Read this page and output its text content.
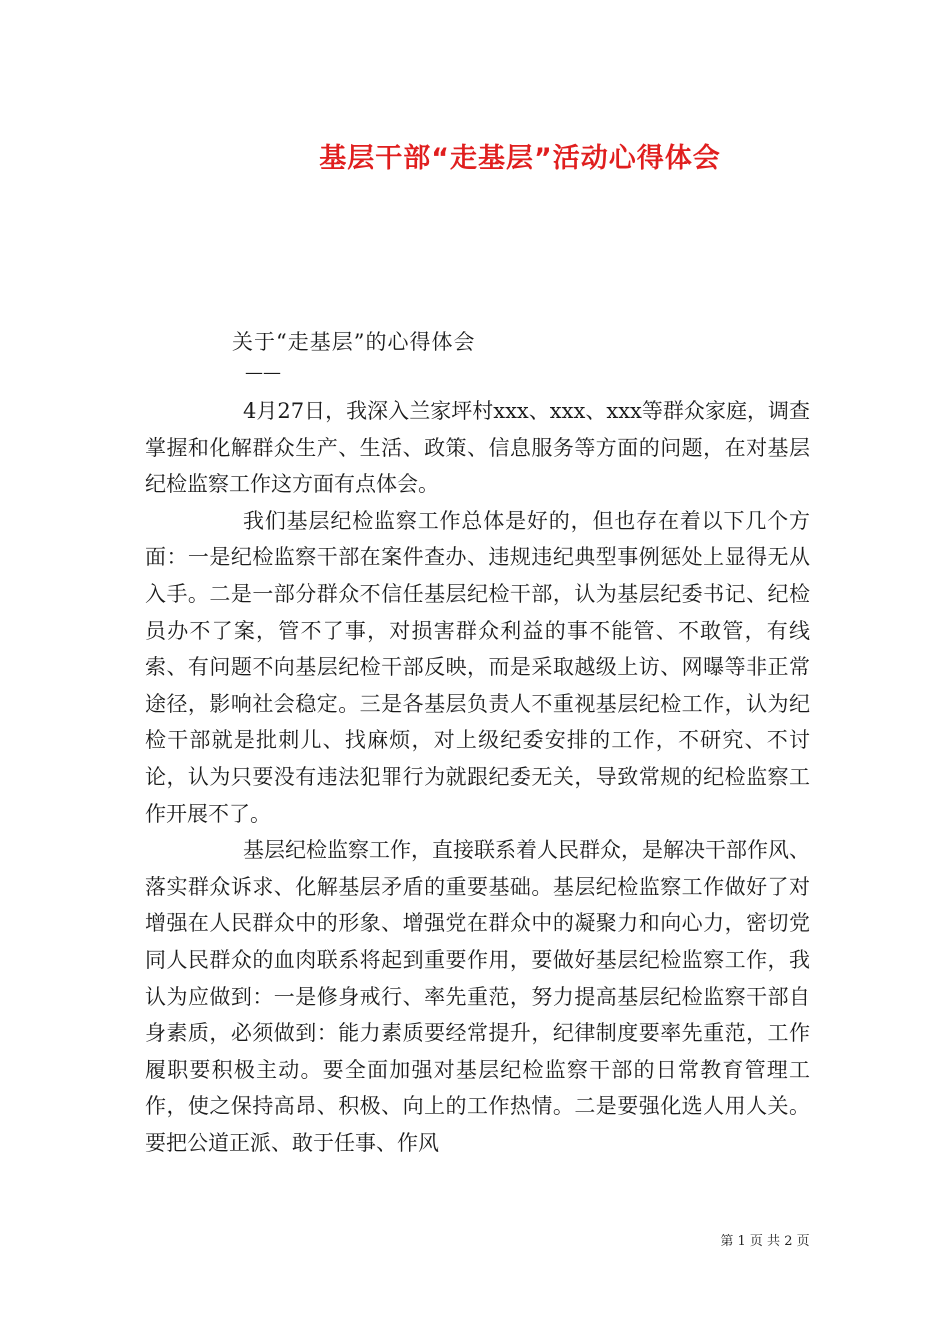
基层干部“走基层”活动心得体会
关于“走基层”的心得体会
——

4月27日，我深入兰家坪村xxx、xxx、xxx等群众家庭，调查掌握和化解群众生产、生活、政策、信息服务等方面的问题，在对基层纪检监察工作这方面有点体会。

我们基层纪检监察工作总体是好的，但也存在着以下几个方面：一是纪检监察干部在案件查办、违规违纪典型事例惩处上显得无从入手。二是一部分群众不信任基层纪检干部，认为基层纪委书记、纪检员办不了案，管不了事，对损害群众利益的事不能管、不敢管，有线索、有问题不向基层纪检干部反映，而是采取越级上访、网曝等非正常途径，影响社会稳定。三是各基层负责人不重视基层纪检工作，认为纪检干部就是批刺儿、找麻烦，对上级纪委安排的工作，不研究、不讨论，认为只要没有违法犯罪行为就跟纪委无关，导致常规的纪检监察工作开展不了。

基层纪检监察工作，直接联系着人民群众，是解决干部作风、落实群众诉求、化解基层矛盾的重要基础。基层纪检监察工作做好了对增强在人民群众中的形象、增强党在群众中的凝聚力和向心力，密切党同人民群众的血肉联系将起到重要作用，要做好基层纪检监察工作，我认为应做到：一是修身戒行、率先重范，努力提高基层纪检监察干部自身素质，必须做到：能力素质要经常提升，纪律制度要率先重范，工作履职要积极主动。要全面加强对基层纪检监察干部的日常教育管理工作，使之保持高昂、积极、向上的工作热情。二是要强化选人用人关。要把公道正派、敢于任事、作风

第 1 页 共 2 页
